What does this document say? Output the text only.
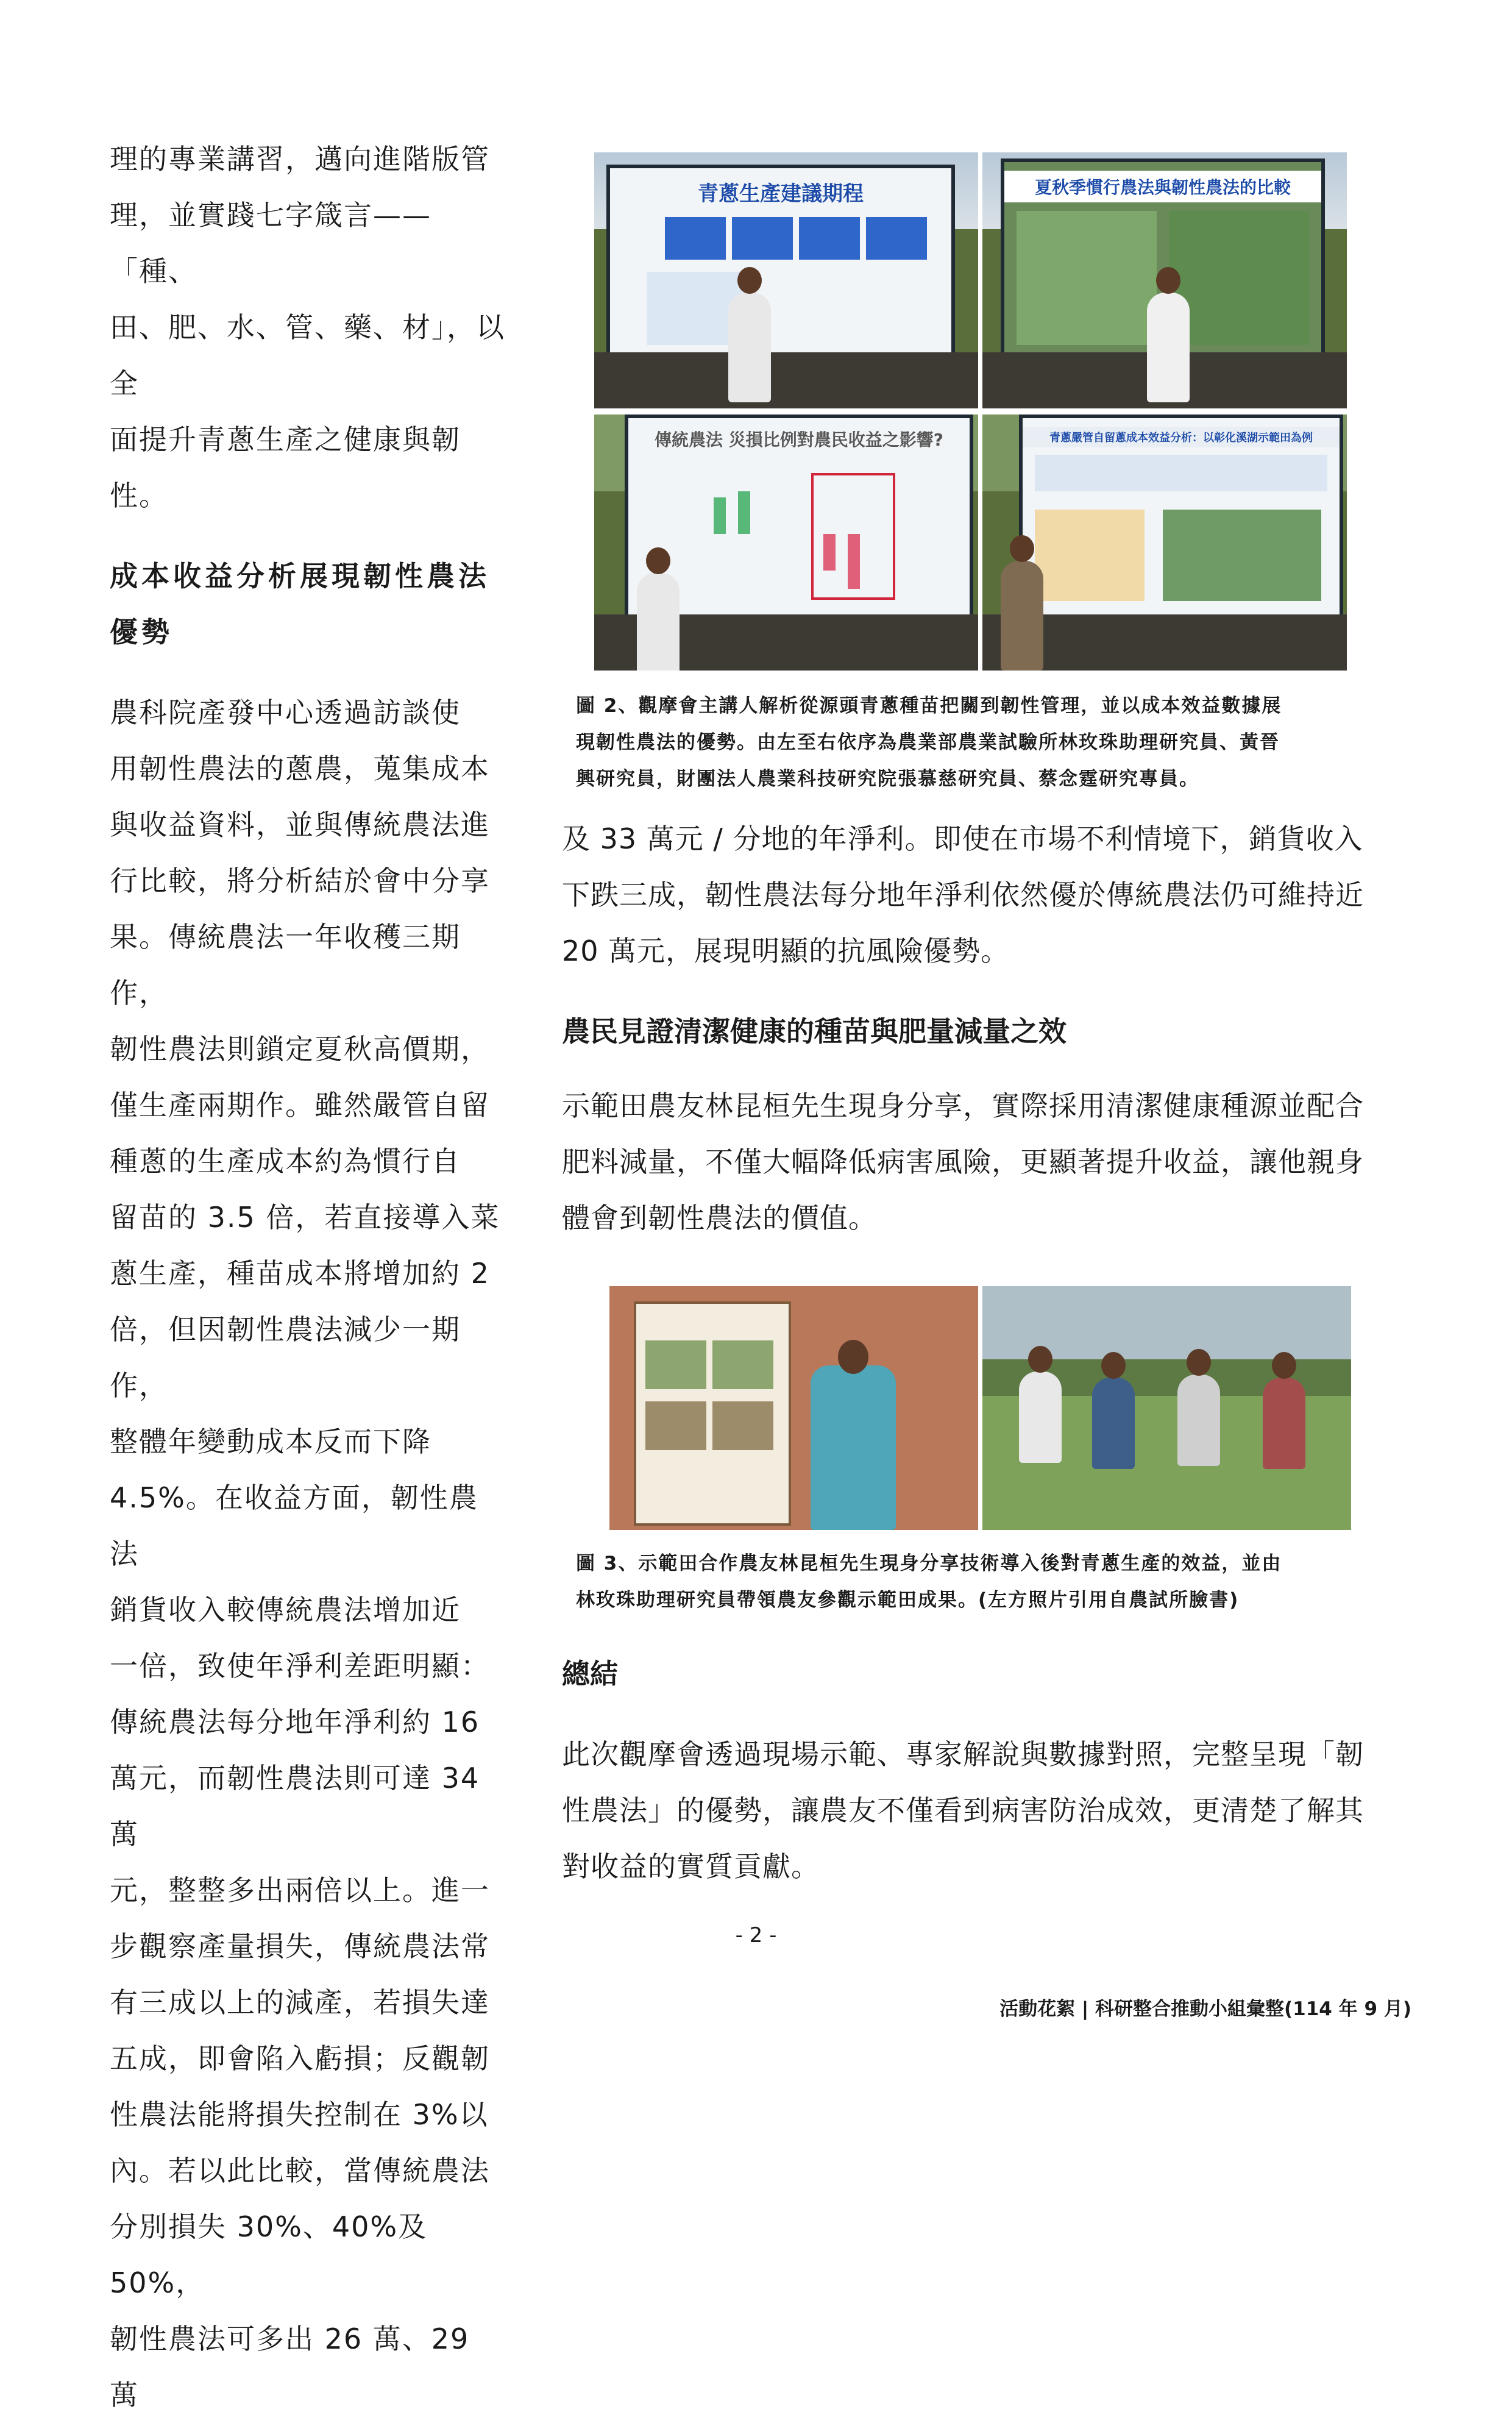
理的專業講習，邁向進階版管

理，並實踐七字箴言——「種、

田、肥、水、管、藥、材」，以全

面提升青蔥生產之健康與韌性。

成本收益分析展現韌性農法
優勢

農科院產發中心透過訪談使

用韌性農法的蔥農，蒐集成本

與收益資料，並與傳統農法進

行比較，將分析結於會中分享

果。傳統農法一年收穫三期作，

韌性農法則鎖定夏秋高價期，

僅生產兩期作。雖然嚴管自留

種蔥的生產成本約為慣行自

留苗的 3.5 倍，若直接導入菜

蔥生產，種苗成本將增加約 2

倍，但因韌性農法減少一期作，

整體年變動成本反而下降

4.5%。在收益方面，韌性農法

銷貨收入較傳統農法增加近

一倍，致使年淨利差距明顯：

傳統農法每分地年淨利約 16

萬元，而韌性農法則可達 34 萬

元，整整多出兩倍以上。進一

步觀察產量損失，傳統農法常

有三成以上的減產，若損失達

五成，即會陷入虧損；反觀韌

性農法能將損失控制在 3%以

內。若以此比較，當傳統農法

分別損失 30%、40%及 50%，

韌性農法可多出 26 萬、29 萬

青蔥生產建議期程	夏秋季慣行農法與韌性農法的比較
傳統農法 災損比例對農民收益之影響?	青蔥嚴管自留蔥成本效益分析：以彰化溪湖示範田為例
圖 2、觀摩會主講人解析從源頭青蔥種苗把關到韌性管理，並以成本效益數據展
現韌性農法的優勢。由左至右依序為農業部農業試驗所林玫珠助理研究員、黃晉
興研究員，財團法人農業科技研究院張慕慈研究員、蔡念霆研究專員。

及 33 萬元 / 分地的年淨利。即使在市場不利情境下，銷貨收入

下跌三成，韌性農法每分地年淨利依然優於傳統農法仍可維持近

20 萬元，展現明顯的抗風險優勢。

農民見證清潔健康的種苗與肥量減量之效

示範田農友林昆桓先生現身分享，實際採用清潔健康種源並配合

肥料減量，不僅大幅降低病害風險，更顯著提升收益，讓他親身

體會到韌性農法的價值。

圖 3、示範田合作農友林昆桓先生現身分享技術導入後對青蔥生產的效益，並由
林玫珠助理研究員帶領農友參觀示範田成果。(左方照片引用自農試所臉書)
總結

此次觀摩會透過現場示範、專家解說與數據對照，完整呈現「韌

性農法」的優勢，讓農友不僅看到病害防治成效，更清楚了解其

對收益的實質貢獻。

- 2 -
活動花絮 | 科研整合推動小組彙整(114 年 9 月)
